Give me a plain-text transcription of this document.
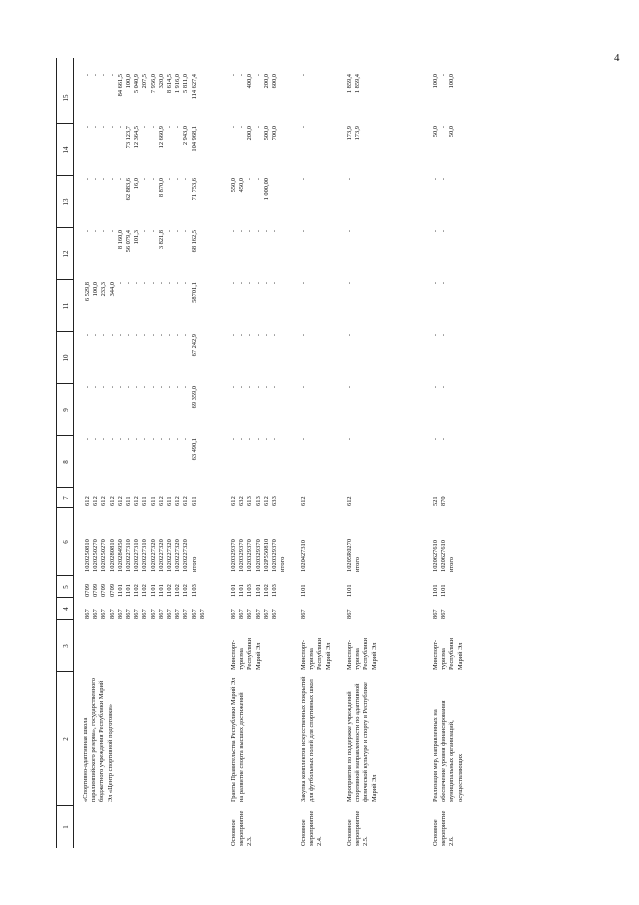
4
1
2
3
4
5
6
7
8
9
10
11
12
13
14
15
«Спортивно-адаптивная школа паралимпийского резерва», государственного бюджетного учреждения Республики Марий Эл «Центр спортивной подготовки»
867
867
867
867
867
867
867
867
867
867
867
867
867
867
867
0709
0709
0709
0709
1101
1101
1102
1102
1101
1101
1102
1102
1102
1103
1020250810
1020250270
1020250270
1020280810
1020284950
1020227310
1020227310
1020227310
1020227320
1020227320
1020227320
1020227320
1020227320
итого
612
612
612
612
612
611
612
611
611
612
611
612
612
611
-
-
-
-
-
-
-
-
-
-
-
-
-
63 490,1
-
-
-
-
-
-
-
-
-
-
-
-
-
69 359,0
-
-
-
-
-
-
-
-
-
-
-
-
-
67 242,9
6 529,8
100,0
233,3
344,0
-
-
-
-
-
-
-
-
-
58701,1
-
-
-
-
8 160,0
56 079,4
101,3
-
-
3 821,8
-
-
-
68 162,5
-
-
-
-
-
62 883,6
16,0
-
-
8 870,0
-
-
-
71 753,6
-
-
-
-
-
73 123,7
12 364,5
-
-
12 660,9
-
-
2 943,0
104 968,1
-
-
-
-
84 661,5
100,0
5 040,9
207,5
7 956,0
320,0
8 614,5
1 916,0
5 811,0
114 627,4
Основное мероприятие 2.3.
Гранты Правительства Республики Марий Эл на развитие спорта высших достижений
Минспорт-туризма Республики Марий Эл
867
867
867
867
867
867
1101
1101
1103
1101
1102
1103
1020329370
1020329370
1020329370
1020329370
102P550810
1020329370
итого
612
632
613
613
612
633
-
-
-
-
-
-
-
-
-
-
-
-
-
-
-
-
-
-
-
-
-
-
-
-
-
-
-
-
-
-
550,0
450,0
-
-
1 000,00
-
-
200,0
-
500,0
700,0
-
-
400,0
-
200,0
600,0
Основное мероприятие 2.4.
Закупка комплектов искусственных покрытий для футбольных полей для спортивных школ
Минспорт-туризма Республики Марий Эл
867
1101
1020427310
612
-
-
-
-
-
-
-
-
Основное мероприятие 2.5.
Мероприятия по поддержке учреждений спортивной направленности по адаптивной физической культуре и спорту в Республике Марий Эл
Минспорт-туризма Республики Марий Эл
867
1101
10205R0270
итого
612
-
-
-
-
-
-
173,9
173,9
1 859,4
1 859,4
Основное мероприятие 2.6.
Реализация мер, направленных на обеспечение уровня финансирования муниципальных организаций, осуществляющих
Минспорт-туризма Республики Марий Эл
867
867
1101
1101
1020627610
1020627610
итого
521
870
-
-
-
-
-
-
-
-
-
-
-
-
50,0
-
50,0
100,0
-
100,0
